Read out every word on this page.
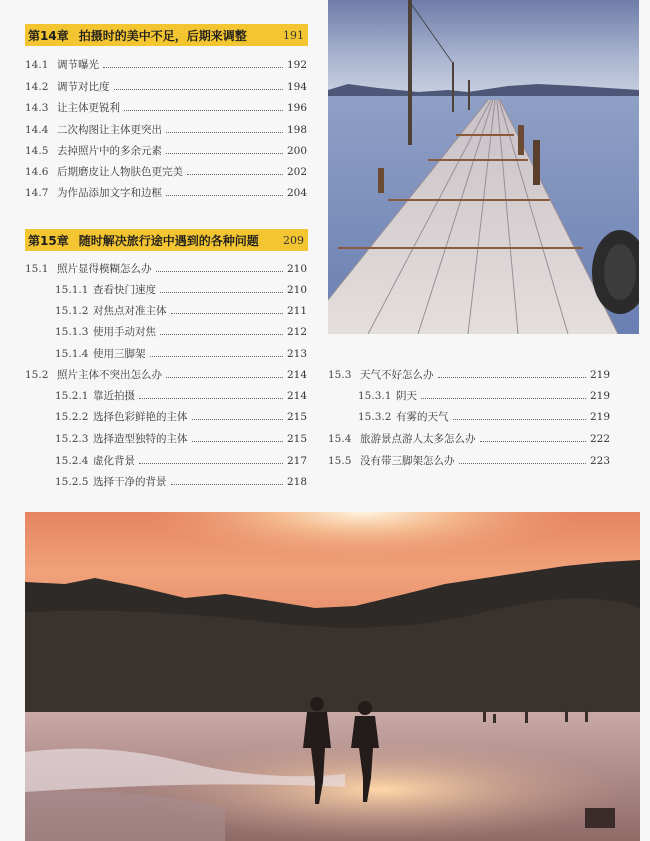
第14章 拍摄时的美中不足，后期来调整	191
14.1 调节曝光	192
14.2 调节对比度	194
14.3 让主体更锐利	196
14.4 二次构图让主体更突出	198
14.5 去掉照片中的多余元素	200
14.6 后期磨皮让人物肤色更完美	202
14.7 为作品添加文字和边框	204
第15章 随时解决旅行途中遇到的各种问题	209
15.1 照片显得模糊怎么办	210
15.1.1 查看快门速度	210
15.1.2 对焦点对准主体	211
15.1.3 使用手动对焦	212
15.1.4 使用三脚架	213
15.2 照片主体不突出怎么办	214
15.2.1 靠近拍摄	214
15.2.2 选择色彩鲜艳的主体	215
15.2.3 选择造型独特的主体	215
15.2.4 虚化背景	217
15.2.5 选择干净的背景	218
15.3 天气不好怎么办	219
15.3.1 阴天	219
15.3.2 有雾的天气	219
15.4 旅游景点游人太多怎么办	222
15.5 没有带三脚架怎么办	223
